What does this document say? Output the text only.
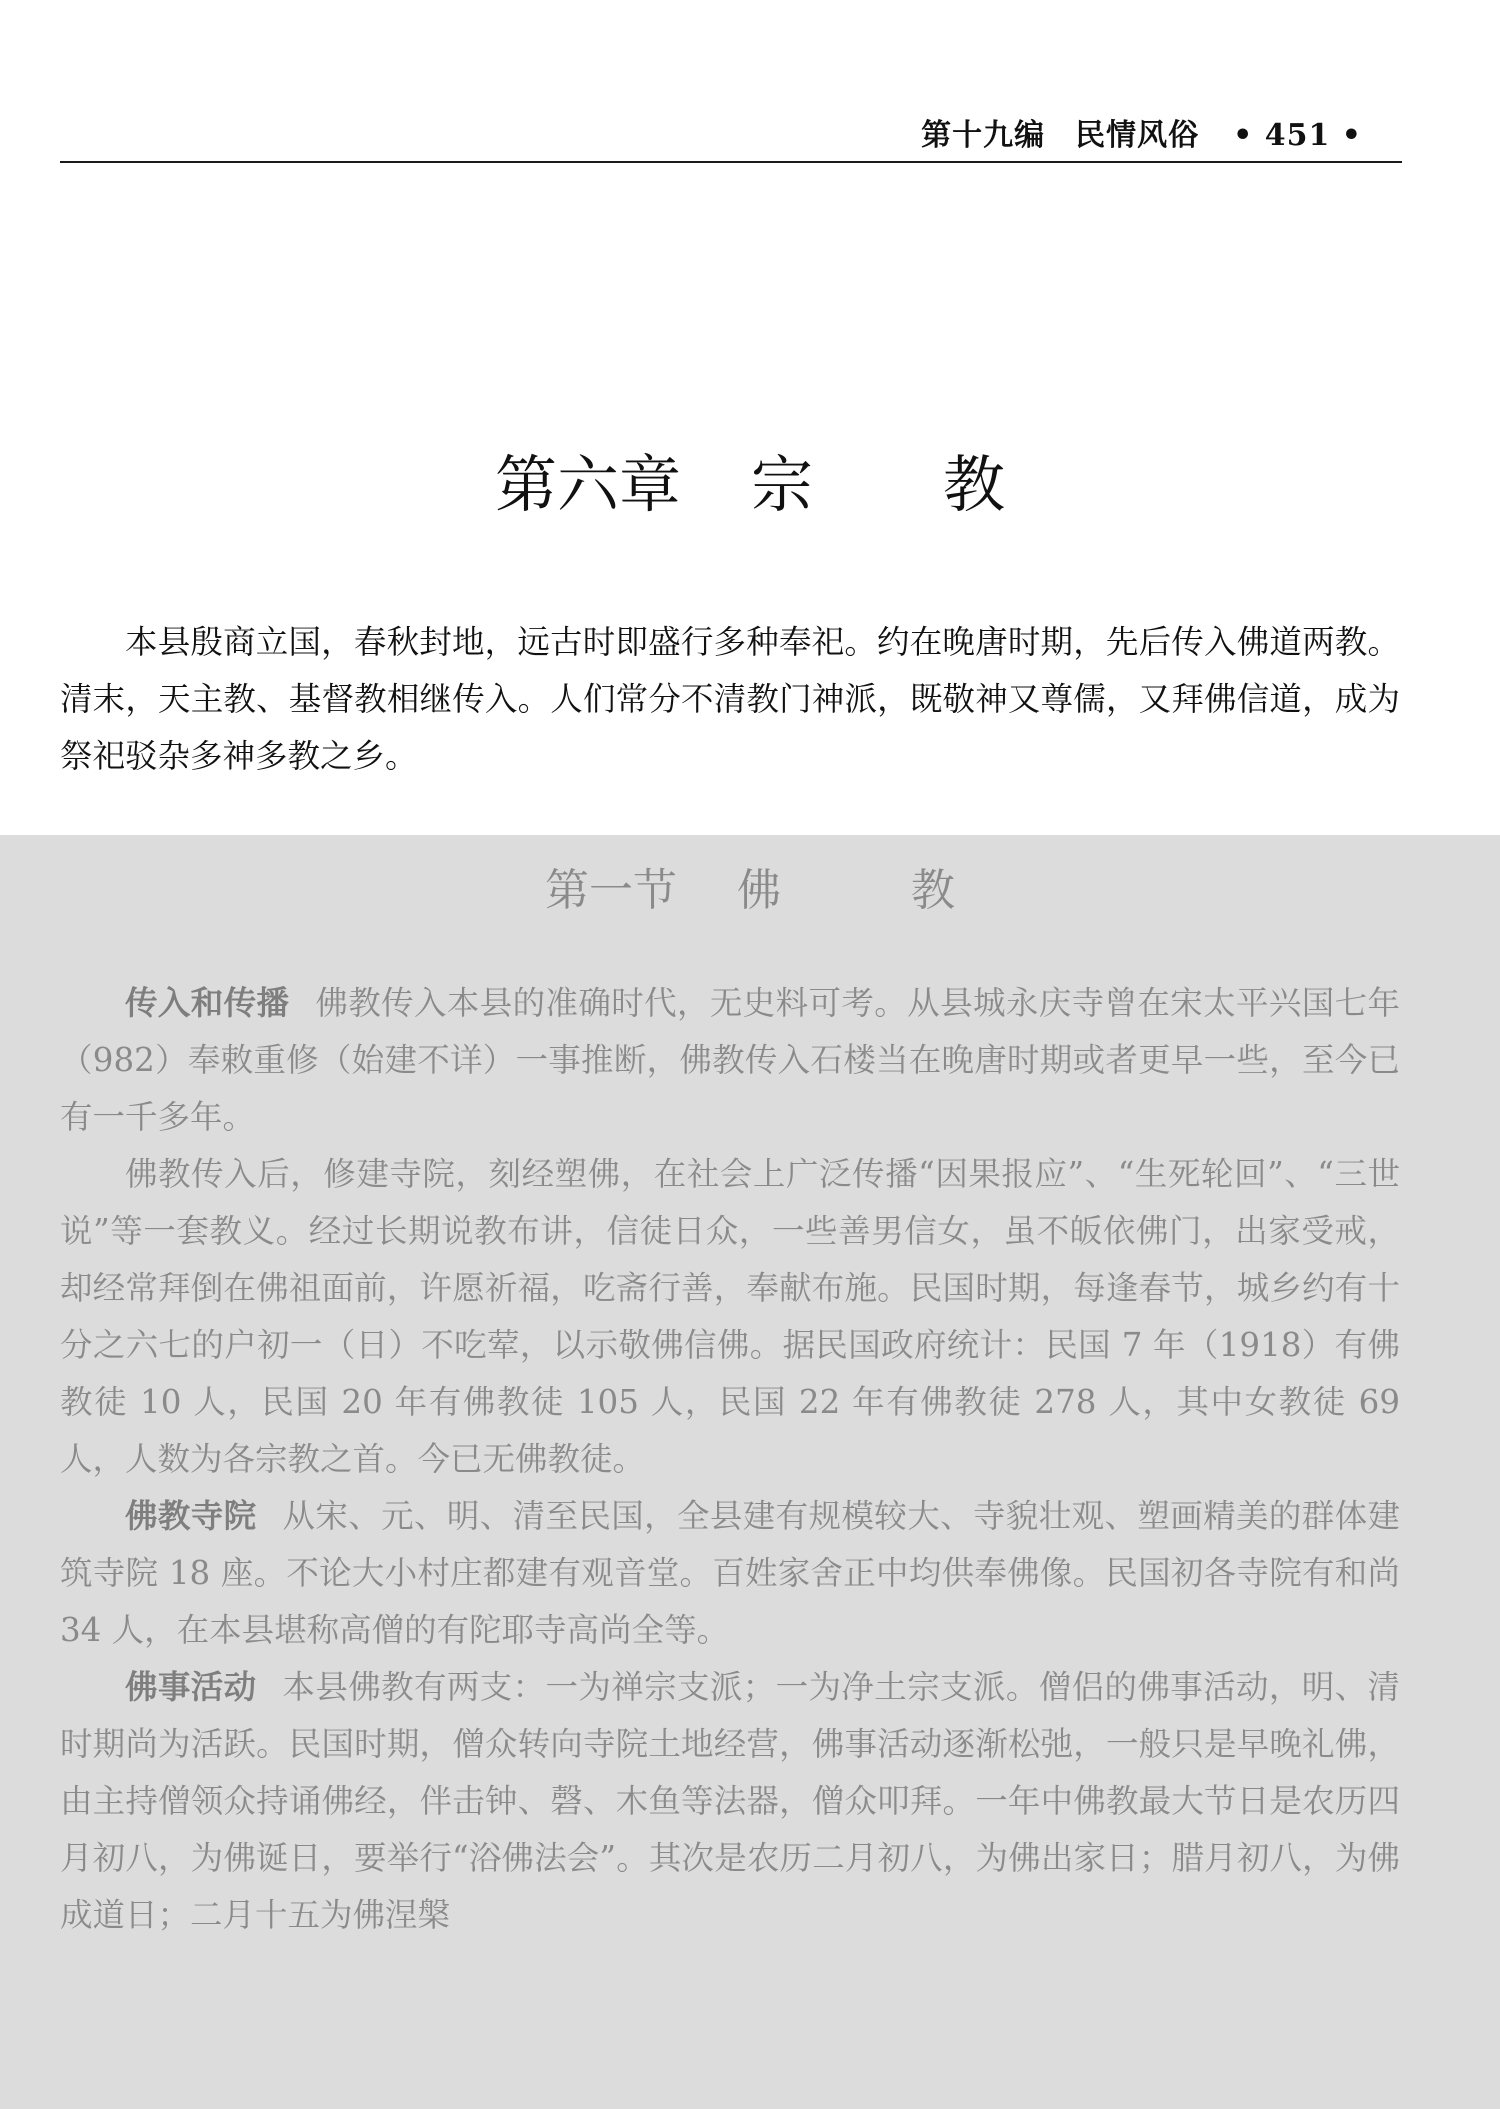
第十九编 民情风俗 • 451 •
第六章 宗 教

本县殷商立国，春秋封地，远古时即盛行多种奉祀。约在晚唐时期，先后传入佛道两教。清末，天主教、基督教相继传入。人们常分不清教门神派，既敬神又尊儒，又拜佛信道，成为祭祀驳杂多神多教之乡。

第一节 佛	教

传入和传播 佛教传入本县的准确时代，无史料可考。从县城永庆寺曾在宋太平兴国七年（982）奉敕重修（始建不详）一事推断，佛教传入石楼当在晚唐时期或者更早一些，至今已有一千多年。

佛教传入后，修建寺院，刻经塑佛，在社会上广泛传播“因果报应”、“生死轮回”、“三世说”等一套教义。经过长期说教布讲，信徒日众，一些善男信女，虽不皈依佛门，出家受戒，却经常拜倒在佛祖面前，许愿祈福，吃斋行善，奉献布施。民国时期，每逢春节，城乡约有十分之六七的户初一（日）不吃荤，以示敬佛信佛。据民国政府统计：民国 7 年（1918）有佛教徒 10 人，民国 20 年有佛教徒 105 人，民国 22 年有佛教徒 278 人，其中女教徒 69 人，人数为各宗教之首。今已无佛教徒。

佛教寺院 从宋、元、明、清至民国，全县建有规模较大、寺貌壮观、塑画精美的群体建筑寺院 18 座。不论大小村庄都建有观音堂。百姓家舍正中均供奉佛像。民国初各寺院有和尚 34 人，在本县堪称高僧的有陀耶寺高尚全等。

佛事活动 本县佛教有两支：一为禅宗支派；一为净土宗支派。僧侣的佛事活动，明、清时期尚为活跃。民国时期，僧众转向寺院土地经营，佛事活动逐渐松弛，一般只是早晚礼佛，由主持僧领众持诵佛经，伴击钟、磬、木鱼等法器，僧众叩拜。一年中佛教最大节日是农历四月初八，为佛诞日，要举行“浴佛法会”。其次是农历二月初八，为佛出家日；腊月初八，为佛成道日；二月十五为佛涅槃
